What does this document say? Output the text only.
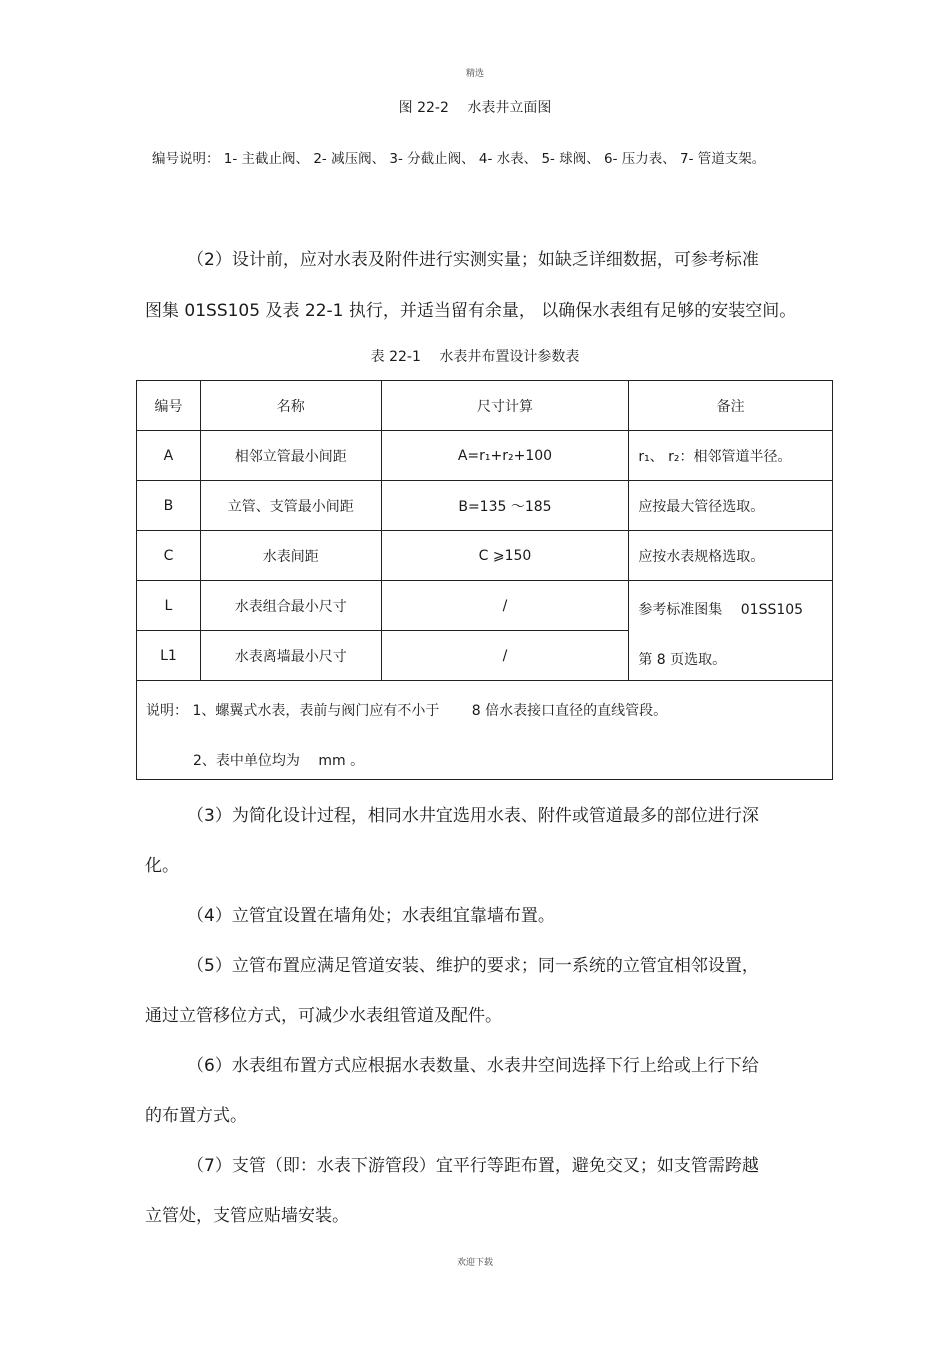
精选
图 22-2　 水表井立面图
编号说明： 1- 主截止阀、 2- 减压阀、 3- 分截止阀、 4- 水表、 5- 球阀、 6- 压力表、 7- 管道支架。
（2）设计前，应对水表及附件进行实测实量；如缺乏详细数据，可参考标准
图集 01SS105 及表 22-1 执行，并适当留有余量， 以确保水表组有足够的安装空间。
表 22-1　 水表井布置设计参数表
编号	名称	尺寸计算	备注
A	相邻立管最小间距	A=r₁+r₂+100	r₁、 r₂：相邻管道半径。
B	立管、支管最小间距	B=135 ～185	应按最大管径选取。
C	水表间距	C ⩾150	应按水表规格选取。
L	水表组合最小尺寸	/	参考标准图集　 01SS105
第 8 页选取。

L1	水表离墙最小尺寸	/	

说明： 1、螺翼式水表，表前与阀门应有不小于　 　8 倍水表接口直径的直线管段。
2、表中单位均为　 mm 。			
（3）为简化设计过程，相同水井宜选用水表、附件或管道最多的部位进行深
化。
（4）立管宜设置在墙角处；水表组宜靠墙布置。
（5）立管布置应满足管道安装、维护的要求；同一系统的立管宜相邻设置，
通过立管移位方式，可减少水表组管道及配件。
（6）水表组布置方式应根据水表数量、水表井空间选择下行上给或上行下给
的布置方式。
（7）支管（即：水表下游管段）宜平行等距布置，避免交叉；如支管需跨越
立管处，支管应贴墙安装。
欢迎下载
